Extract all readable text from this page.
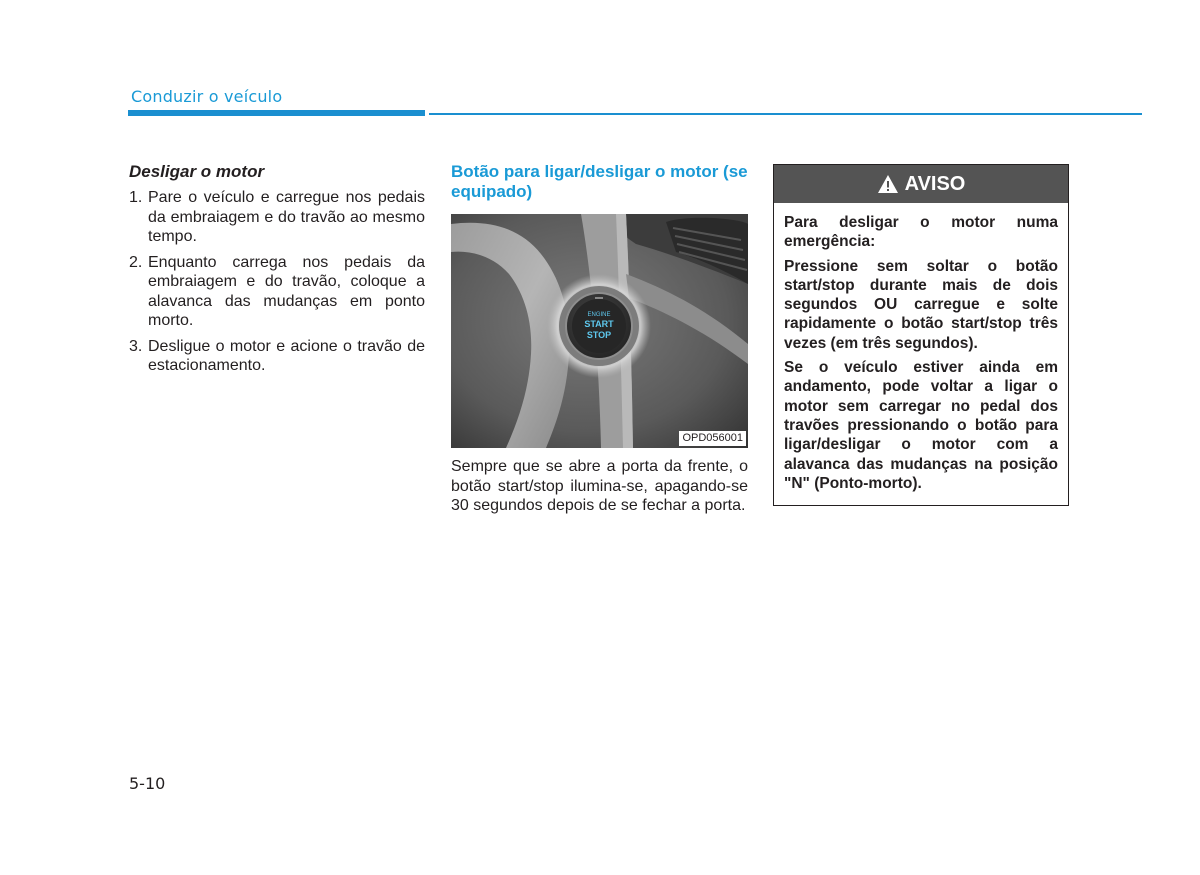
Conduzir o veículo
Desligar o motor
1. Pare o veículo e carregue nos pedais da embraiagem e do travão ao mesmo tempo.
2. Enquanto carrega nos pedais da embraiagem e do travão, coloque a alavanca das mudanças em ponto morto.
3. Desligue o motor e acione o travão de estacionamento.
Botão para ligar/desligar o motor (se equipado)
ENGINE
START
STOP
OPD056001
Sempre que se abre a porta da frente, o botão start/stop ilumina-se, apagando-se 30 segundos depois de se fechar a porta.
AVISO

Para desligar o motor numa emergência:

Pressione sem soltar o botão start/stop durante mais de dois segundos OU carregue e solte rapidamente o botão start/stop três vezes (em três segundos).

Se o veículo estiver ainda em andamento, pode voltar a ligar o motor sem carregar no pedal dos travões pressionando o botão para ligar/desligar o motor com a alavanca das mudanças na posição "N" (Ponto-morto).

5-10
